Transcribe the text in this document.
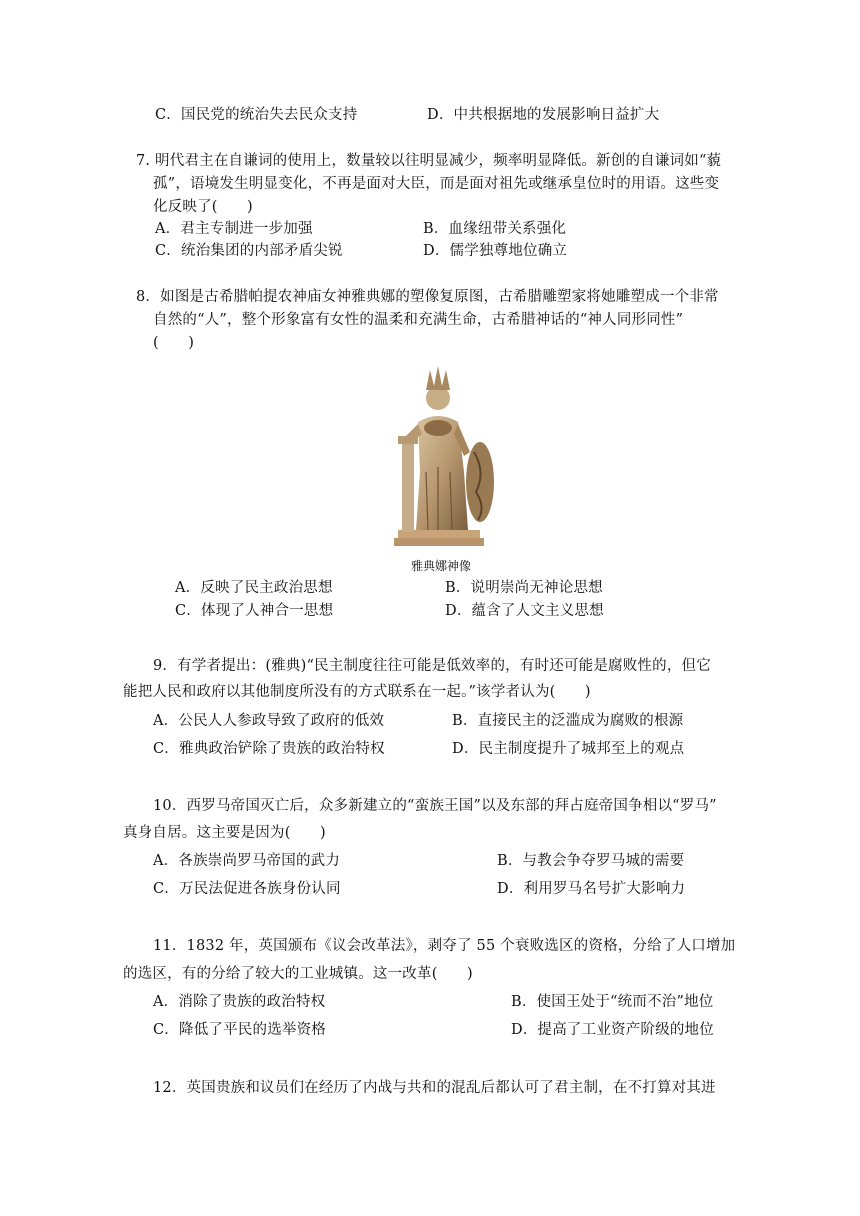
C．国民党的统治失去民众支持	D．中共根据地的发展影响日益扩大
7. 明代君主在自谦词的使用上，数量较以往明显减少，频率明显降低。新创的自谦词如“藐
孤”，语境发生明显变化，不再是面对大臣，而是面对祖先或继承皇位时的用语。这些变
化反映了(　　)
A．君主专制进一步加强	B．血缘纽带关系强化
C．统治集团的内部矛盾尖锐	D．儒学独尊地位确立
8．如图是古希腊帕提农神庙女神雅典娜的塑像复原图，古希腊雕塑家将她雕塑成一个非常
自然的“人”，整个形象富有女性的温柔和充满生命，古希腊神话的“神人同形同性”
(　　)
雅典娜神像
A．反映了民主政治思想	B．说明崇尚无神论思想
C．体现了人神合一思想	D．蕴含了人文主义思想
9．有学者提出：(雅典)“民主制度往往可能是低效率的，有时还可能是腐败性的，但它
能把人民和政府以其他制度所没有的方式联系在一起。”该学者认为(　　)
A．公民人人参政导致了政府的低效	B．直接民主的泛滥成为腐败的根源
C．雅典政治铲除了贵族的政治特权	D．民主制度提升了城邦至上的观点
10．西罗马帝国灭亡后，众多新建立的“蛮族王国”以及东部的拜占庭帝国争相以“罗马”
真身自居。这主要是因为(　　)
A．各族崇尚罗马帝国的武力	B．与教会争夺罗马城的需要
C．万民法促进各族身份认同	D．利用罗马名号扩大影响力
11．1832 年，英国颁布《议会改革法》，剥夺了 55 个衰败选区的资格，分给了人口增加
的选区，有的分给了较大的工业城镇。这一改革(　　)
A．消除了贵族的政治特权	B．使国王处于“统而不治”地位
C．降低了平民的选举资格	D．提高了工业资产阶级的地位
12．英国贵族和议员们在经历了内战与共和的混乱后都认可了君主制，在不打算对其进
